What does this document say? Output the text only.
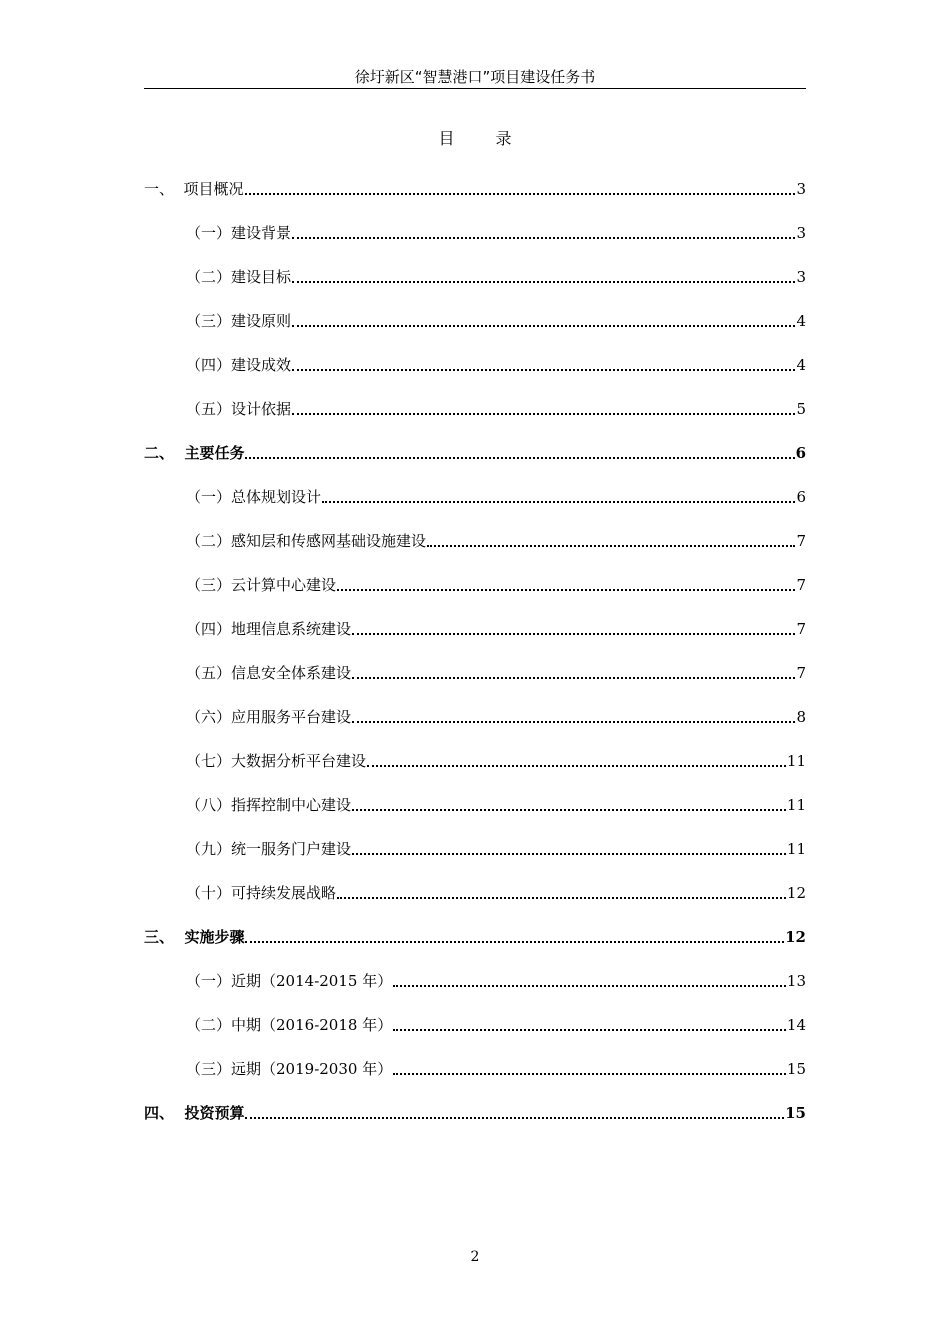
徐圩新区“智慧港口”项目建设任务书
目 录
一、 项目概况	3
（一） 建设背景	3
（二） 建设目标	3
（三） 建设原则	4
（四） 建设成效	4
（五） 设计依据	5
二、 主要任务	6
（一） 总体规划设计	6
（二） 感知层和传感网基础设施建设	7
（三） 云计算中心建设	7
（四） 地理信息系统建设	7
（五） 信息安全体系建设	7
（六） 应用服务平台建设	8
（七） 大数据分析平台建设	11
（八） 指挥控制中心建设	11
（九） 统一服务门户建设	11
（十） 可持续发展战略	12
三、 实施步骤	12
（一） 近期（2014-2015 年）	13
（二） 中期（2016-2018 年）	14
（三） 远期（2019-2030 年）	15
四、 投资预算	15
2
